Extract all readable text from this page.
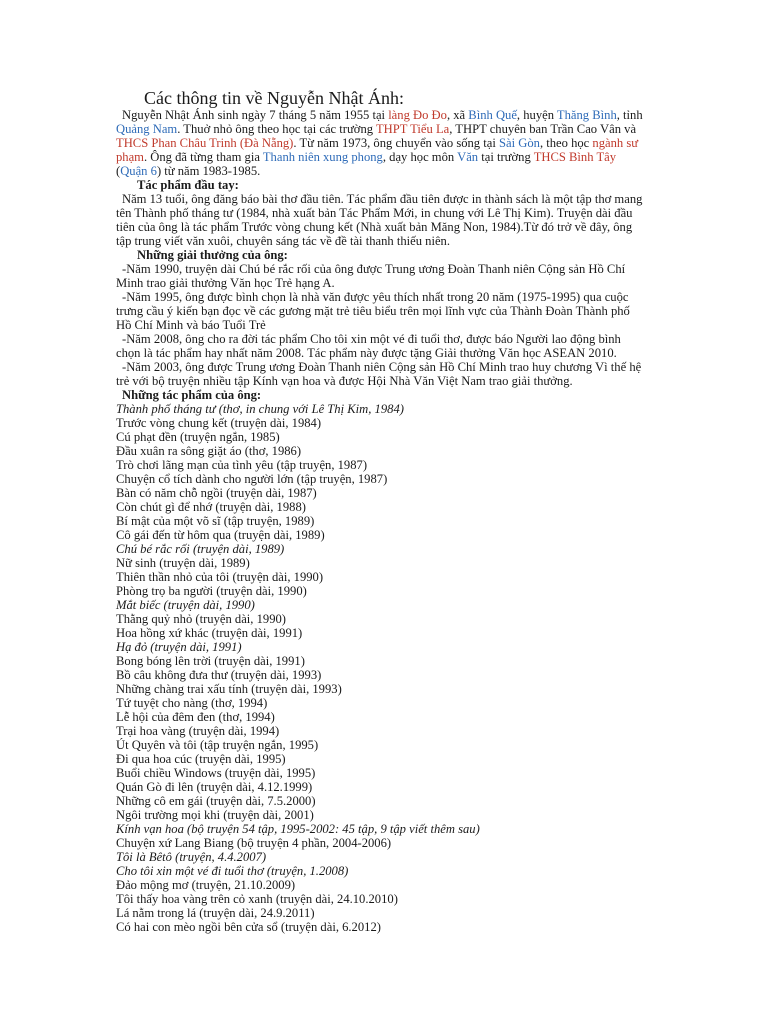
Các thông tin về Nguyễn Nhật Ánh:

Nguyễn Nhật Ánh sinh ngày 7 tháng 5 năm 1955 tại làng Đo Đo, xã Bình Quế, huyện Thăng Bình, tỉnh Quảng Nam. Thuở nhỏ ông theo học tại các trường THPT Tiểu La, THPT chuyên ban Trần Cao Vân và THCS Phan Châu Trinh (Đà Nẵng). Từ năm 1973, ông chuyển vào sống tại Sài Gòn, theo học ngành sư phạm. Ông đã từng tham gia Thanh niên xung phong, dạy học môn Văn tại trường THCS Bình Tây (Quận 6) từ năm 1983-1985.

Tác phẩm đầu tay:

Năm 13 tuổi, ông đăng báo bài thơ đầu tiên. Tác phẩm đầu tiên được in thành sách là một tập thơ mang tên Thành phố tháng tư (1984, nhà xuất bản Tác Phẩm Mới, in chung với Lê Thị Kim). Truyện dài đầu tiên của ông là tác phẩm Trước vòng chung kết (Nhà xuất bản Măng Non, 1984).Từ đó trở về đây, ông tập trung viết văn xuôi, chuyên sáng tác về đề tài thanh thiếu niên.

Những giải thưởng của ông:

-Năm 1990, truyện dài Chú bé rắc rối của ông được Trung ương Đoàn Thanh niên Cộng sản Hồ Chí Minh trao giải thưởng Văn học Trẻ hạng A.

-Năm 1995, ông được bình chọn là nhà văn được yêu thích nhất trong 20 năm (1975-1995) qua cuộc trưng cầu ý kiến bạn đọc về các gương mặt trẻ tiêu biểu trên mọi lĩnh vực của Thành Đoàn Thành phố Hồ Chí Minh và báo Tuổi Trẻ

-Năm 2008, ông cho ra đời tác phẩm Cho tôi xin một vé đi tuổi thơ, được báo Người lao động bình chọn là tác phẩm hay nhất năm 2008. Tác phẩm này được tặng Giải thưởng Văn học ASEAN 2010.

-Năm 2003, ông được Trung ương Đoàn Thanh niên Cộng sản Hồ Chí Minh trao huy chương Vì thế hệ trẻ với bộ truyện nhiều tập Kính vạn hoa và được Hội Nhà Văn Việt Nam trao giải thưởng.

Những tác phẩm của ông:
Thành phố tháng tư (thơ, in chung với Lê Thị Kim, 1984)
Trước vòng chung kết (truyện dài, 1984)
Cú phạt đền (truyện ngắn, 1985)
Đầu xuân ra sông giặt áo (thơ, 1986)
Trò chơi lãng mạn của tình yêu (tập truyện, 1987)
Chuyện cổ tích dành cho người lớn (tập truyện, 1987)
Bàn có năm chỗ ngồi (truyện dài, 1987)
Còn chút gì để nhớ (truyện dài, 1988)
Bí mật của một võ sĩ (tập truyện, 1989)
Cô gái đến từ hôm qua (truyện dài, 1989)
Chú bé rắc rối (truyện dài, 1989)
Nữ sinh (truyện dài, 1989)
Thiên thần nhỏ của tôi (truyện dài, 1990)
Phòng trọ ba người (truyện dài, 1990)
Mắt biếc (truyện dài, 1990)
Thằng quỷ nhỏ (truyện dài, 1990)
Hoa hồng xứ khác (truyện dài, 1991)
Hạ đỏ (truyện dài, 1991)
Bong bóng lên trời (truyện dài, 1991)
Bồ câu không đưa thư (truyện dài, 1993)
Những chàng trai xấu tính (truyện dài, 1993)
Tứ tuyệt cho nàng (thơ, 1994)
Lễ hội của đêm đen (thơ, 1994)
Trại hoa vàng (truyện dài, 1994)
Út Quyên và tôi (tập truyện ngắn, 1995)
Đi qua hoa cúc (truyện dài, 1995)
Buổi chiều Windows (truyện dài, 1995)
Quán Gò đi lên (truyện dài, 4.12.1999)
Những cô em gái (truyện dài, 7.5.2000)
Ngôi trường mọi khi (truyện dài, 2001)
Kính vạn hoa (bộ truyện 54 tập, 1995-2002: 45 tập, 9 tập viết thêm sau)
Chuyện xứ Lang Biang (bộ truyện 4 phần, 2004-2006)
Tôi là Bêtô (truyện, 4.4.2007)
Cho tôi xin một vé đi tuổi thơ (truyện, 1.2008)
Đảo mộng mơ (truyện, 21.10.2009)
Tôi thấy hoa vàng trên cỏ xanh (truyện dài, 24.10.2010)
Lá nằm trong lá (truyện dài, 24.9.2011)
Có hai con mèo ngồi bên cửa sổ (truyện dài, 6.2012)
